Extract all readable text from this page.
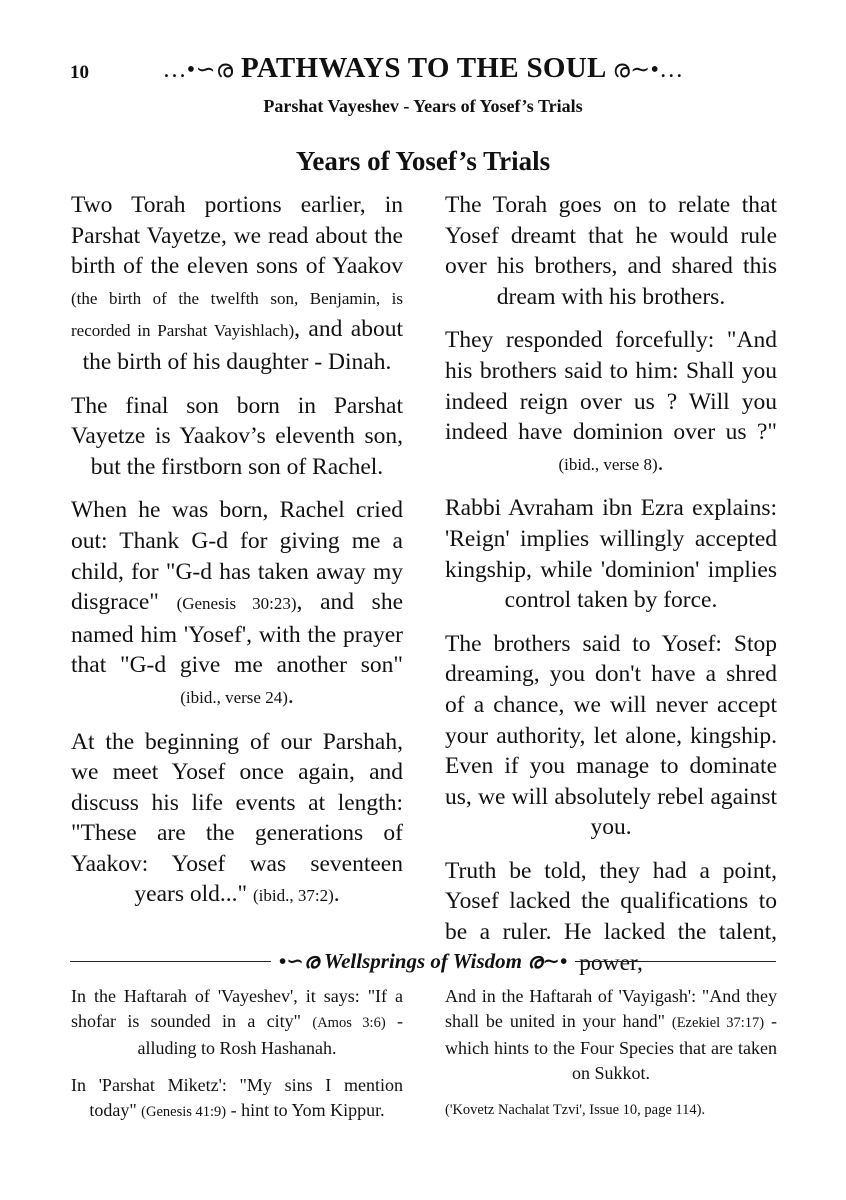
10	…•∽ര PATHWAYS TO THE SOUL ര∼•…
Parshat Vayeshev - Years of Yosef’s Trials
Years of Yosef’s Trials

Two Torah portions earlier, in Parshat Vayetze, we read about the birth of the eleven sons of Yaakov (the birth of the twelfth son, Benjamin, is recorded in Parshat Vayishlach), and about the birth of his daughter - Dinah.

The final son born in Parshat Vayetze is Yaakov’s eleventh son, but the firstborn son of Rachel.

When he was born, Rachel cried out: Thank G-d for giving me a child, for "G-d has taken away my disgrace" (Genesis 30:23), and she named him 'Yosef', with the prayer that "G-d give me another son" (ibid., verse 24).

At the beginning of our Parshah, we meet Yosef once again, and discuss his life events at length: "These are the generations of Yaakov: Yosef was seventeen years old..." (ibid., 37:2).

The Torah goes on to relate that Yosef dreamt that he would rule over his brothers, and shared this dream with his brothers.

They responded forcefully: "And his brothers said to him: Shall you indeed reign over us ? Will you indeed have dominion over us ?" (ibid., verse 8).

Rabbi Avraham ibn Ezra explains: 'Reign' implies willingly accepted kingship, while 'dominion' implies control taken by force.

The brothers said to Yosef: Stop dreaming, you don't have a shred of a chance, we will never accept your authority, let alone, kingship. Even if you manage to dominate us, we will absolutely rebel against you.

Truth be told, they had a point, Yosef lacked the qualifications to be a ruler. He lacked the talent, power,

•∽ര Wellsprings of Wisdom ര∼•

In the Haftarah of 'Vayeshev', it says: "If a shofar is sounded in a city" (Amos 3:6) - alluding to Rosh Hashanah.

In 'Parshat Miketz': "My sins I mention today" (Genesis 41:9) - hint to Yom Kippur.

And in the Haftarah of 'Vayigash': "And they shall be united in your hand" (Ezekiel 37:17) - which hints to the Four Species that are taken on Sukkot.

('Kovetz Nachalat Tzvi', Issue 10, page 114).
